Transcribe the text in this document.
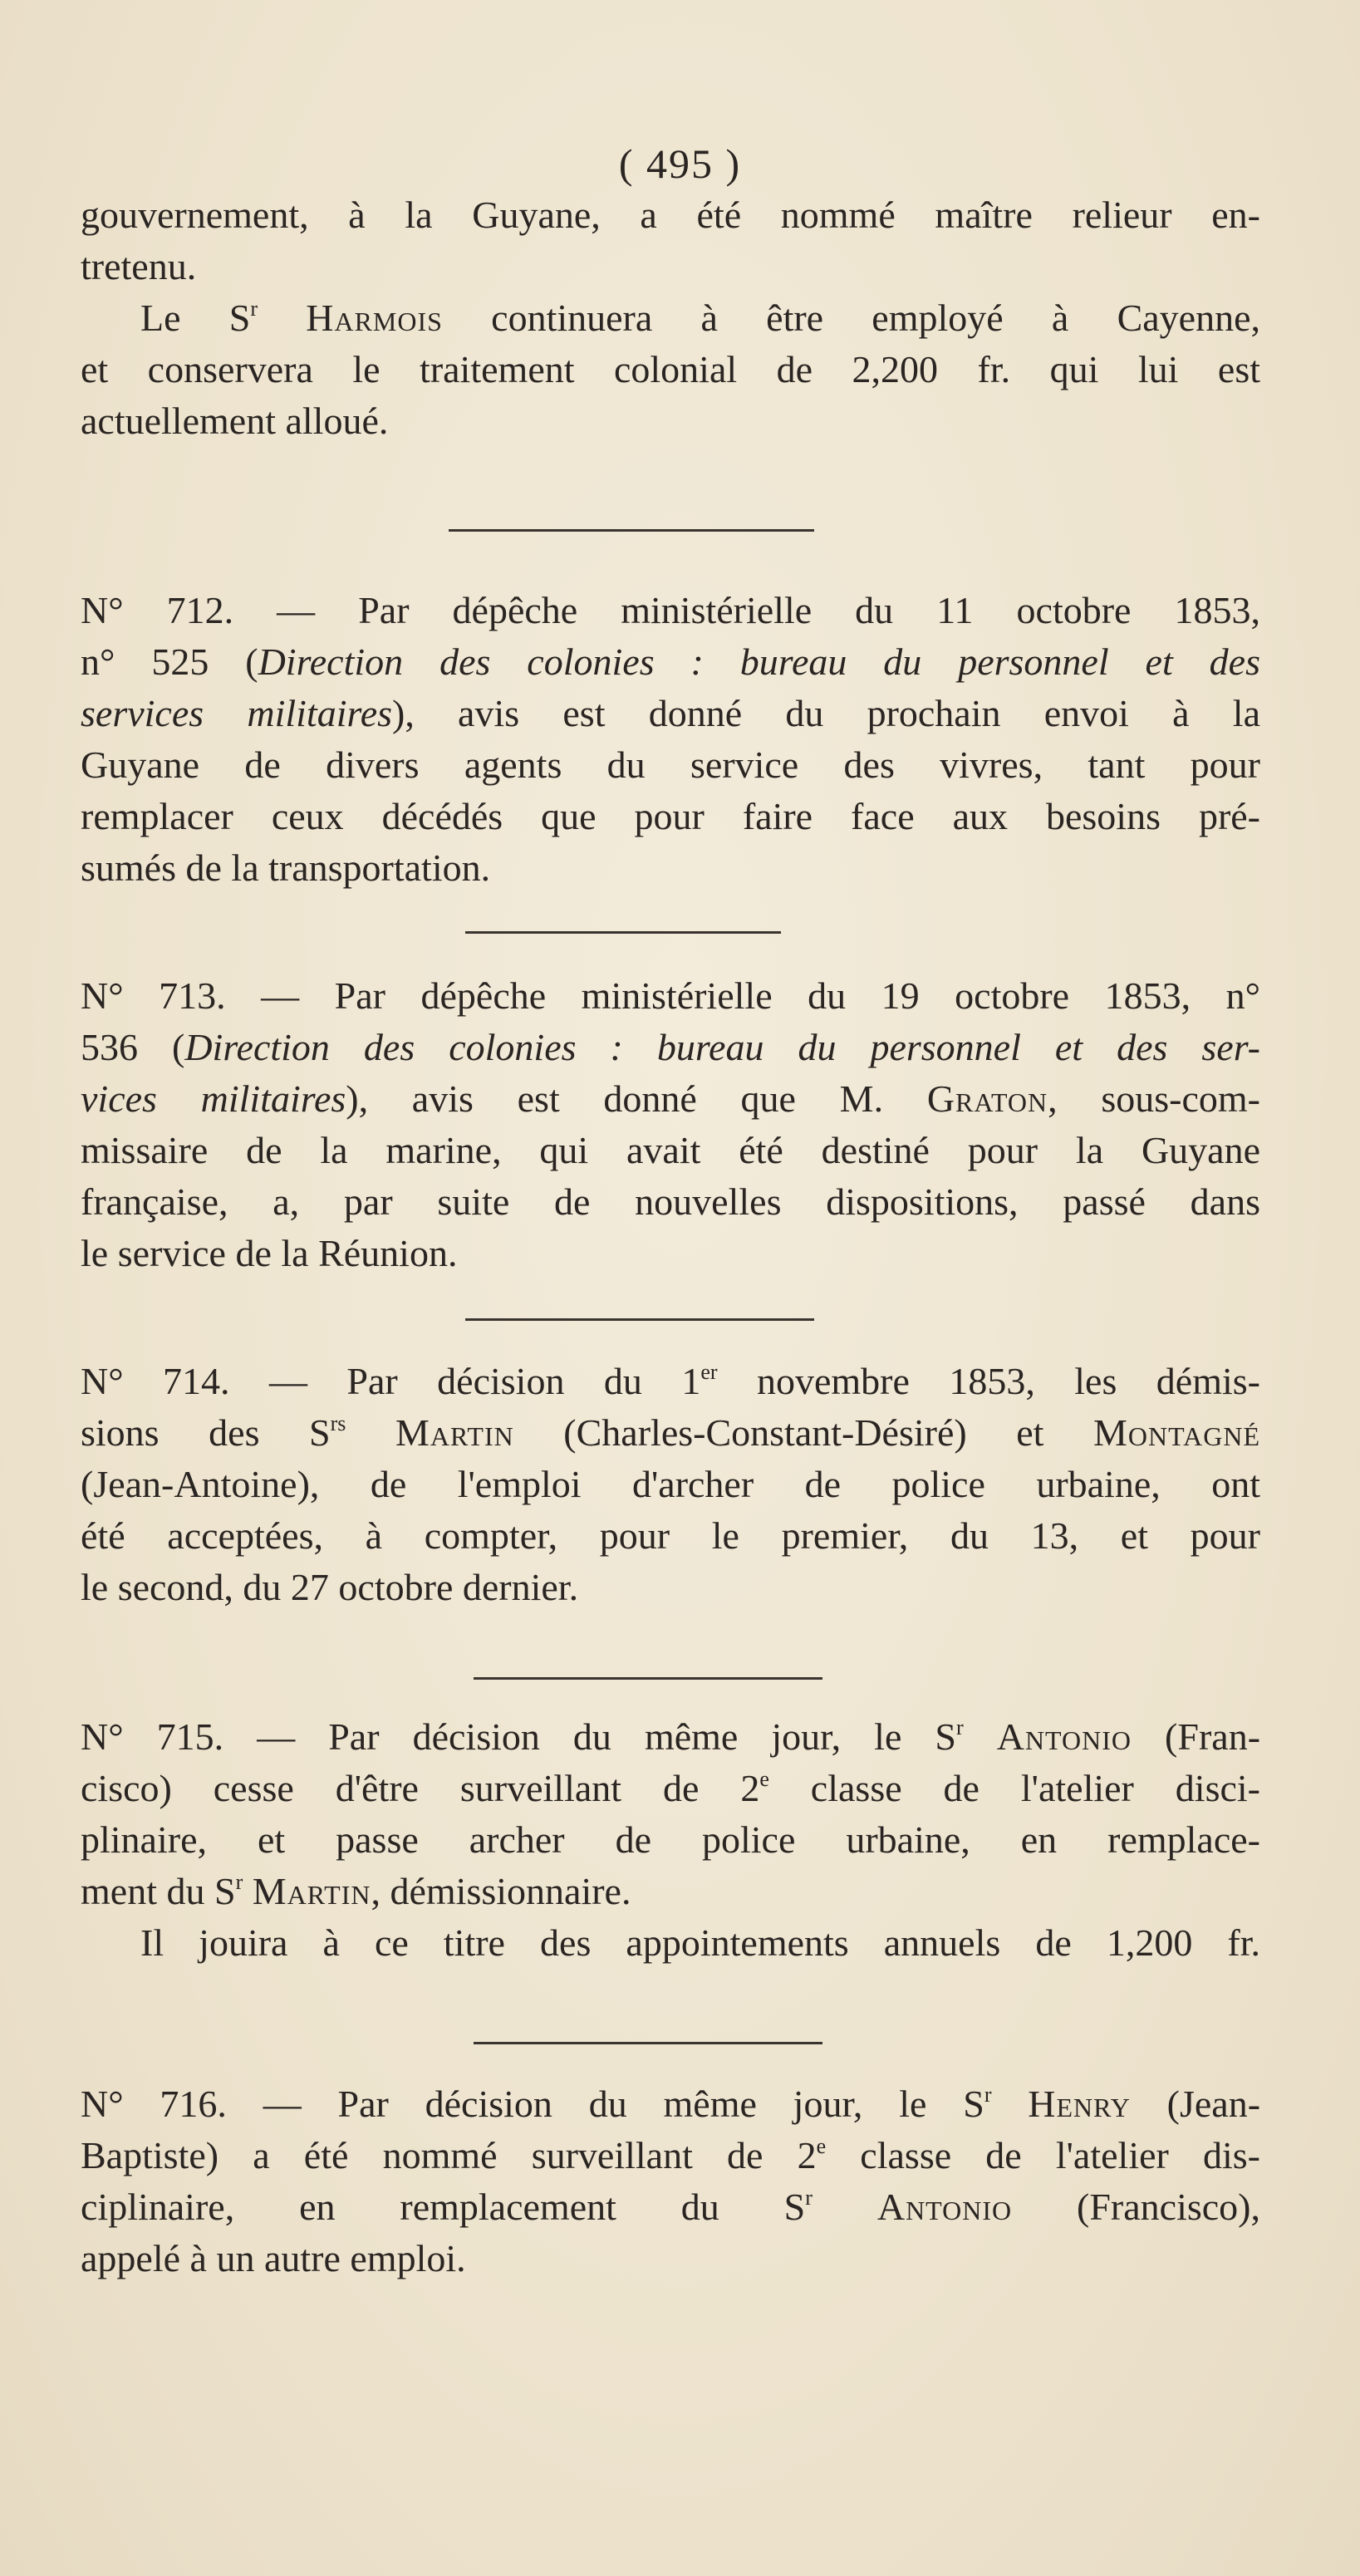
( 495 )
gouvernement, à la Guyane, a été nommé maître relieur en-
tretenu.
Le $S^r$ Harmois continuera à être employé à Cayenne,
et conservera le traitement colonial de 2,200 fr. qui lui est
actuellement alloué.
N° 712. — Par dépêche ministérielle du 11 octobre 1853,
n° 525 (Direction des colonies : bureau du personnel et des
services militaires), avis est donné du prochain envoi à la
Guyane de divers agents du service des vivres, tant pour
remplacer ceux décédés que pour faire face aux besoins pré-
sumés de la transportation.
N° 713. — Par dépêche ministérielle du 19 octobre 1853, n°
536 (Direction des colonies : bureau du personnel et des ser-
vices militaires), avis est donné que M. Graton, sous-com-
missaire de la marine, qui avait été destiné pour la Guyane
française, a, par suite de nouvelles dispositions, passé dans
le service de la Réunion.
N° 714. — Par décision du 1er novembre 1853, les démis-
sions des $S^{rs}$ Martin (Charles-Constant-Désiré) et Montagné
(Jean-Antoine), de l'emploi d'archer de police urbaine, ont
été acceptées, à compter, pour le premier, du 13, et pour
le second, du 27 octobre dernier.
N° 715. — Par décision du même jour, le $S^r$ Antonio (Fran-
cisco) cesse d'être surveillant de 2e classe de l'atelier disci-
plinaire, et passe archer de police urbaine, en remplace-
ment du $S^r$ Martin, démissionnaire.
Il jouira à ce titre des appointements annuels de 1,200 fr.
N° 716. — Par décision du même jour, le $S^r$ Henry (Jean-
Baptiste) a été nommé surveillant de 2e classe de l'atelier dis-
ciplinaire, en remplacement du $S^r$ Antonio (Francisco),
appelé à un autre emploi.
